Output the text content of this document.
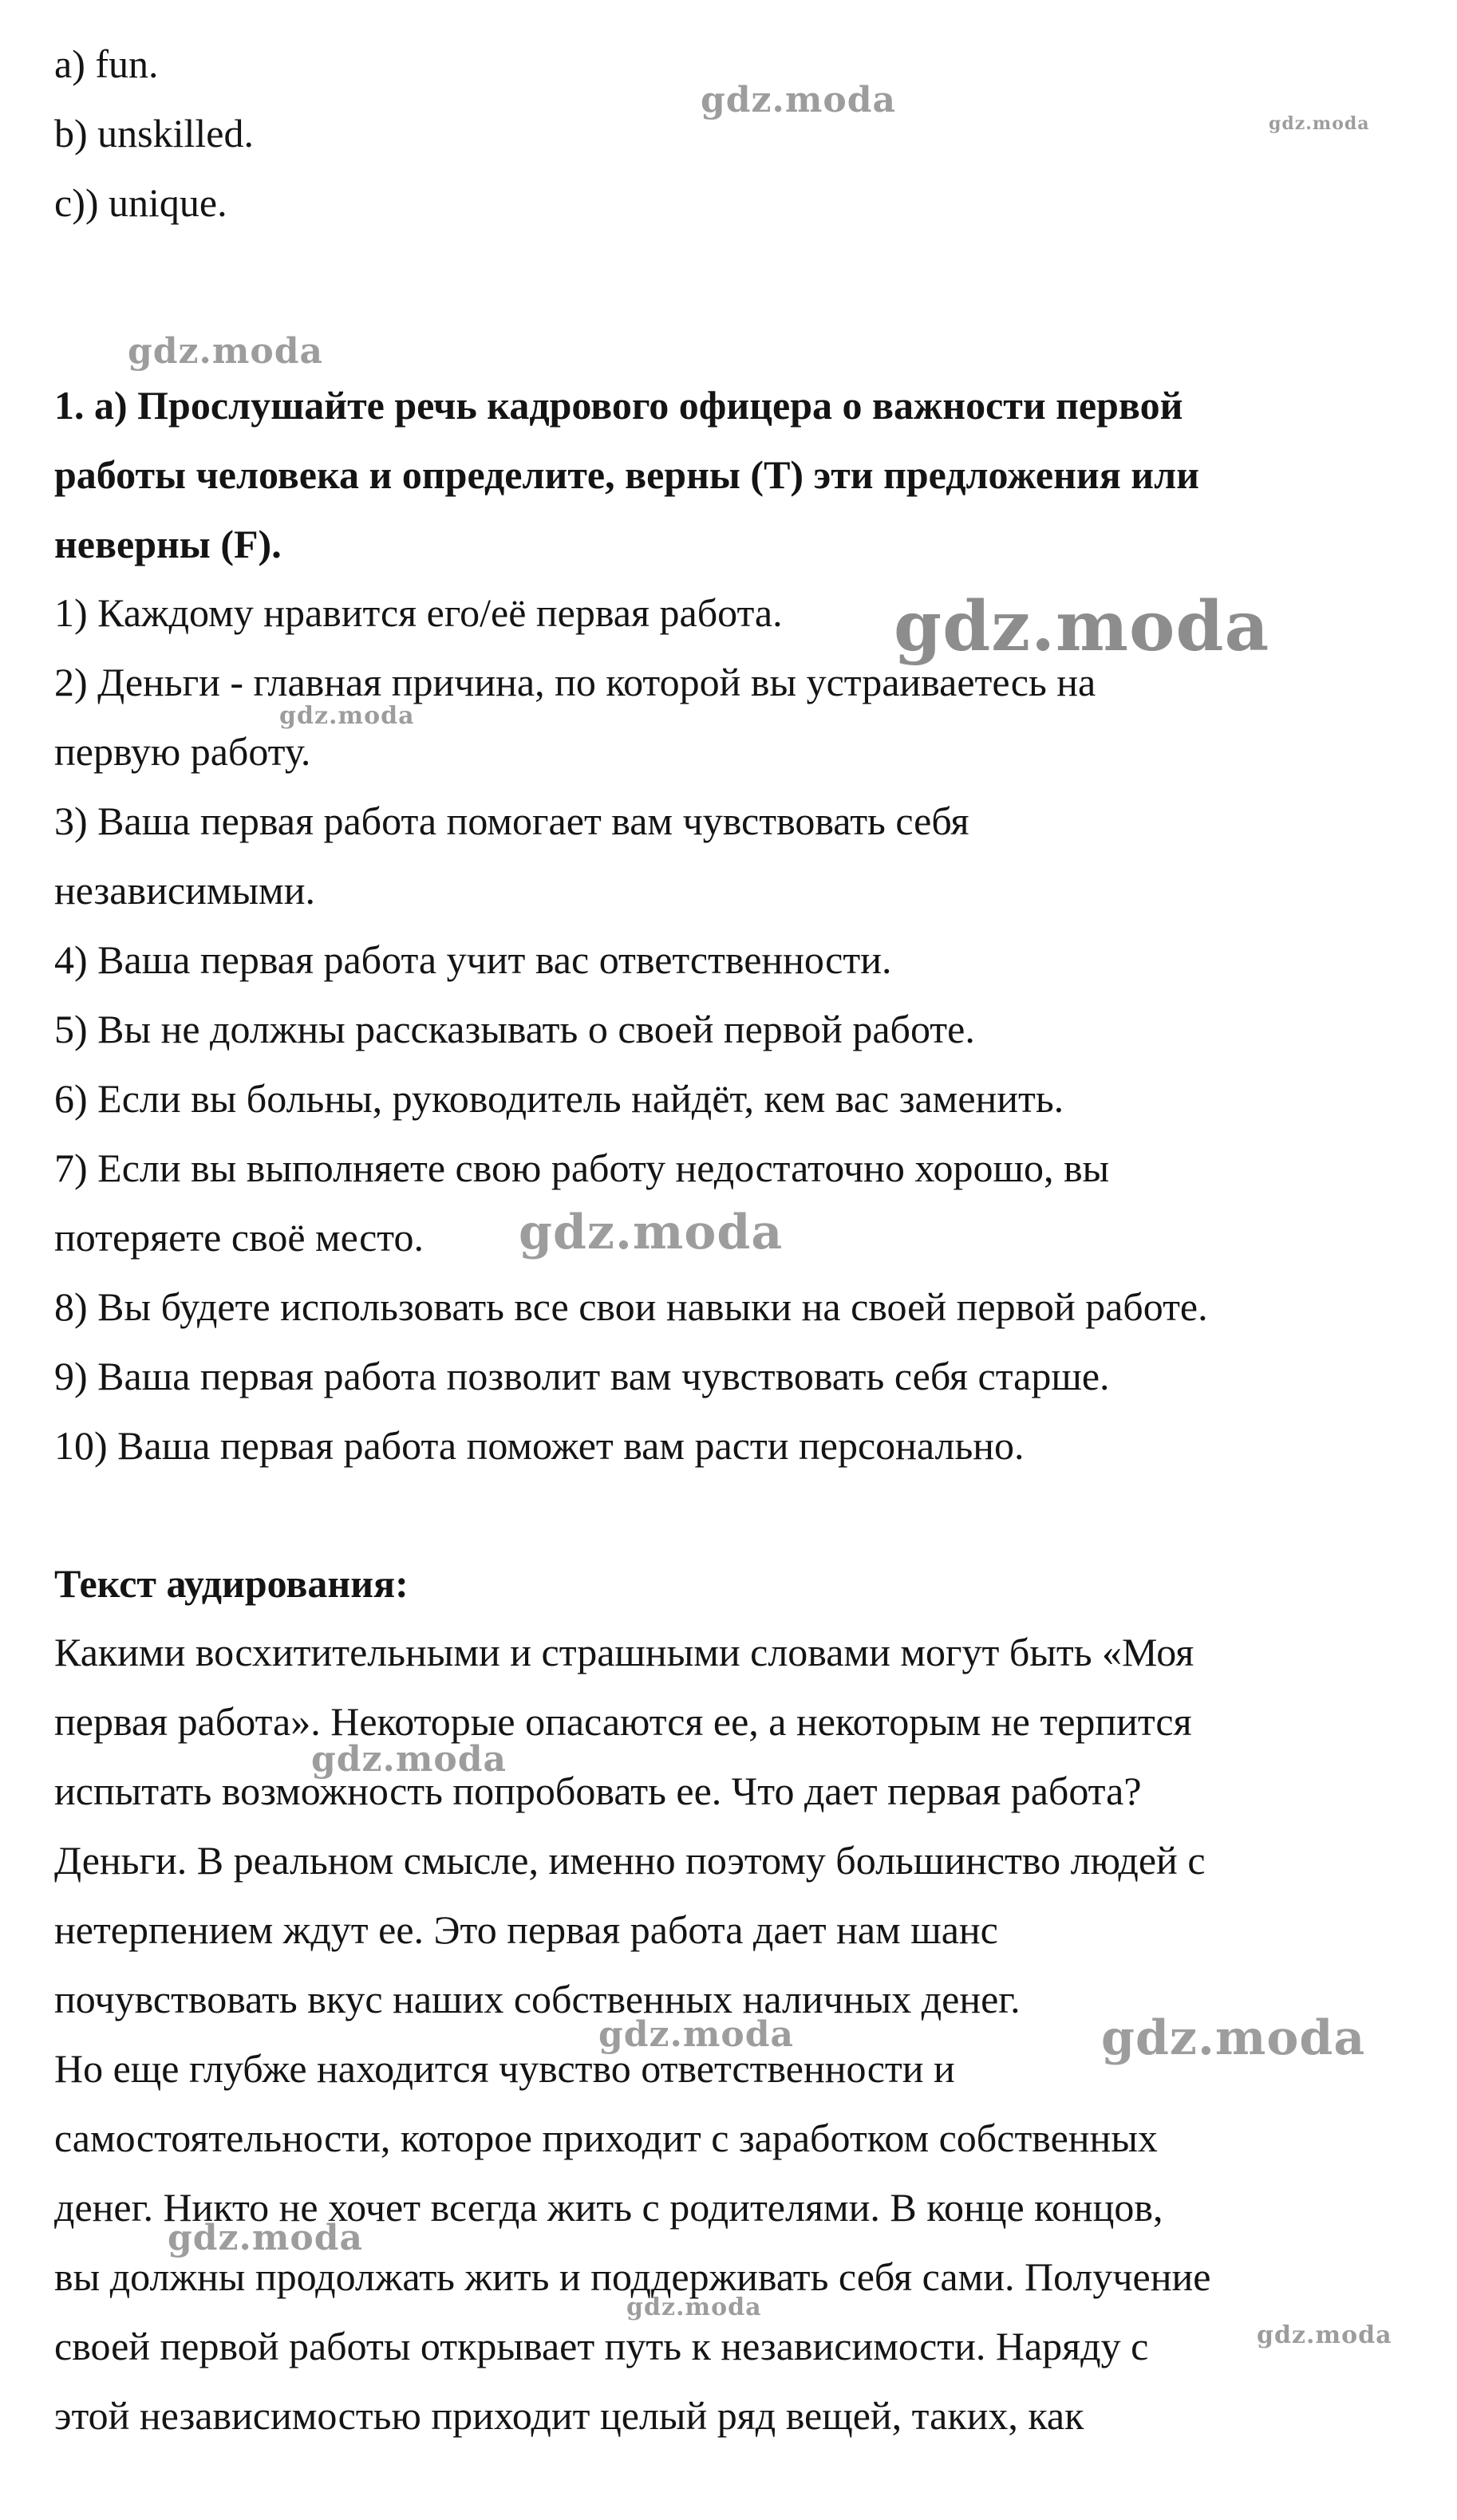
a) fun.
b) unskilled.
c)) unique.
1. a) Прослушайте речь кадрового офицера о важности первой
работы человека и определите, верны (T) эти предложения или
неверны (F).
1) Каждому нравится его/её первая работа.
2) Деньги - главная причина, по которой вы устраиваетесь на
первую работу.
3) Ваша первая работа помогает вам чувствовать себя
независимыми.
4) Ваша первая работа учит вас ответственности.
5) Вы не должны рассказывать о своей первой работе.
6) Если вы больны, руководитель найдёт, кем вас заменить.
7) Если вы выполняете свою работу недостаточно хорошо, вы
потеряете своё место.
8) Вы будете использовать все свои навыки на своей первой работе.
9) Ваша первая работа позволит вам чувствовать себя старше.
10) Ваша первая работа поможет вам расти персонально.
Текст аудирования:
Какими восхитительными и страшными словами могут быть «Моя
первая работа». Некоторые опасаются ее, а некоторым не терпится
испытать возможность попробовать ее. Что дает первая работа?
Деньги. В реальном смысле, именно поэтому большинство людей с
нетерпением ждут ее. Это первая работа дает нам шанс
почувствовать вкус наших собственных наличных денег.
Но еще глубже находится чувство ответственности и
самостоятельности, которое приходит с заработком собственных
денег. Никто не хочет всегда жить с родителями. В конце концов,
вы должны продолжать жить и поддерживать себя сами. Получение
своей первой работы открывает путь к независимости. Наряду с
этой независимостью приходит целый ряд вещей, таких, как
gdz.moda
gdz.moda
gdz.moda
gdz.moda
gdz.moda
gdz.moda
gdz.moda
gdz.moda	gdz.moda
gdz.moda
gdz.moda
gdz.moda
